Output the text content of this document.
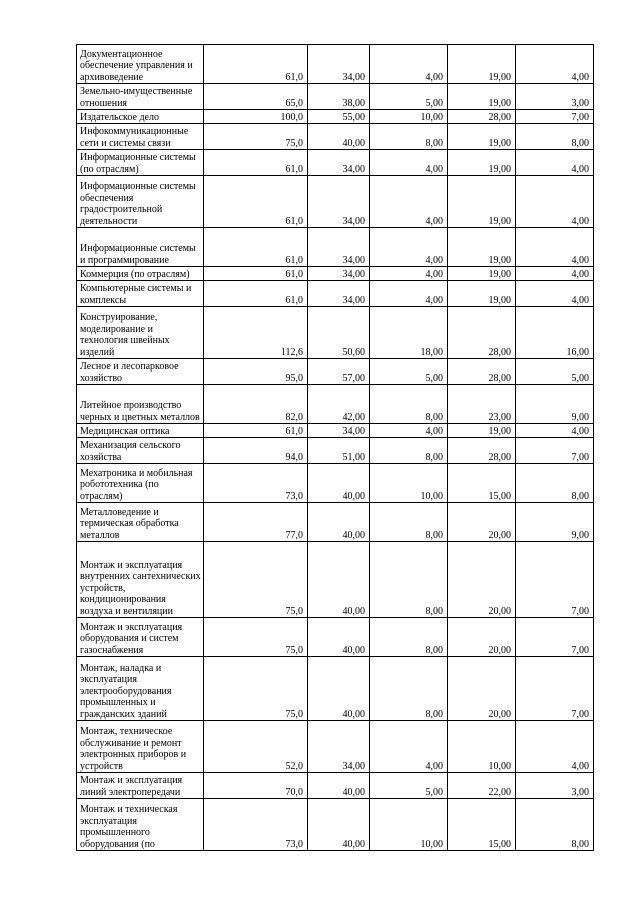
Документационное обеспечение управления и архивоведение	61,0	34,00	4,00	19,00	4,00
Земельно-имущественные отношения	65,0	38,00	5,00	19,00	3,00
Издательское дело	100,0	55,00	10,00	28,00	7,00
Инфокоммуникационные сети и системы связи	75,0	40,00	8,00	19,00	8,00
Информационные системы (по отраслям)	61,0	34,00	4,00	19,00	4,00
Информационные системы обеспечения градостроительной деятельности	61,0	34,00	4,00	19,00	4,00
Информационные системы и программирование	61,0	34,00	4,00	19,00	4,00
Коммерция (по отраслям)	61,0	34,00	4,00	19,00	4,00
Компьютерные системы и комплексы	61,0	34,00	4,00	19,00	4,00
Конструирование, моделирование и технология швейных изделий	112,6	50,60	18,00	28,00	16,00
Лесное и лесопарковое хозяйство	95,0	57,00	5,00	28,00	5,00
Литейное производство черных и цветных металлов	82,0	42,00	8,00	23,00	9,00
Медицинская оптика	61,0	34,00	4,00	19,00	4,00
Механизация сельского хозяйства	94,0	51,00	8,00	28,00	7,00
Мехатроника и мобильная робототехника (по отраслям)	73,0	40,00	10,00	15,00	8,00
Металловедение и термическая обработка металлов	77,0	40,00	8,00	20,00	9,00
Монтаж и эксплуатация внутренних сантехнических устройств, кондиционирования воздуха и вентиляции	75,0	40,00	8,00	20,00	7,00
Монтаж и эксплуатация оборудования и систем газоснабжения	75,0	40,00	8,00	20,00	7,00
Монтаж, наладка и эксплуатация электрооборудования промышленных и гражданских зданий	75,0	40,00	8,00	20,00	7,00
Монтаж, техническое обслуживание и ремонт электронных приборов и устройств	52,0	34,00	4,00	10,00	4,00
Монтаж и эксплуатация линий электропередачи	70,0	40,00	5,00	22,00	3,00
Монтаж и техническая эксплуатация промышленного оборудования (по	73,0	40,00	10,00	15,00	8,00
